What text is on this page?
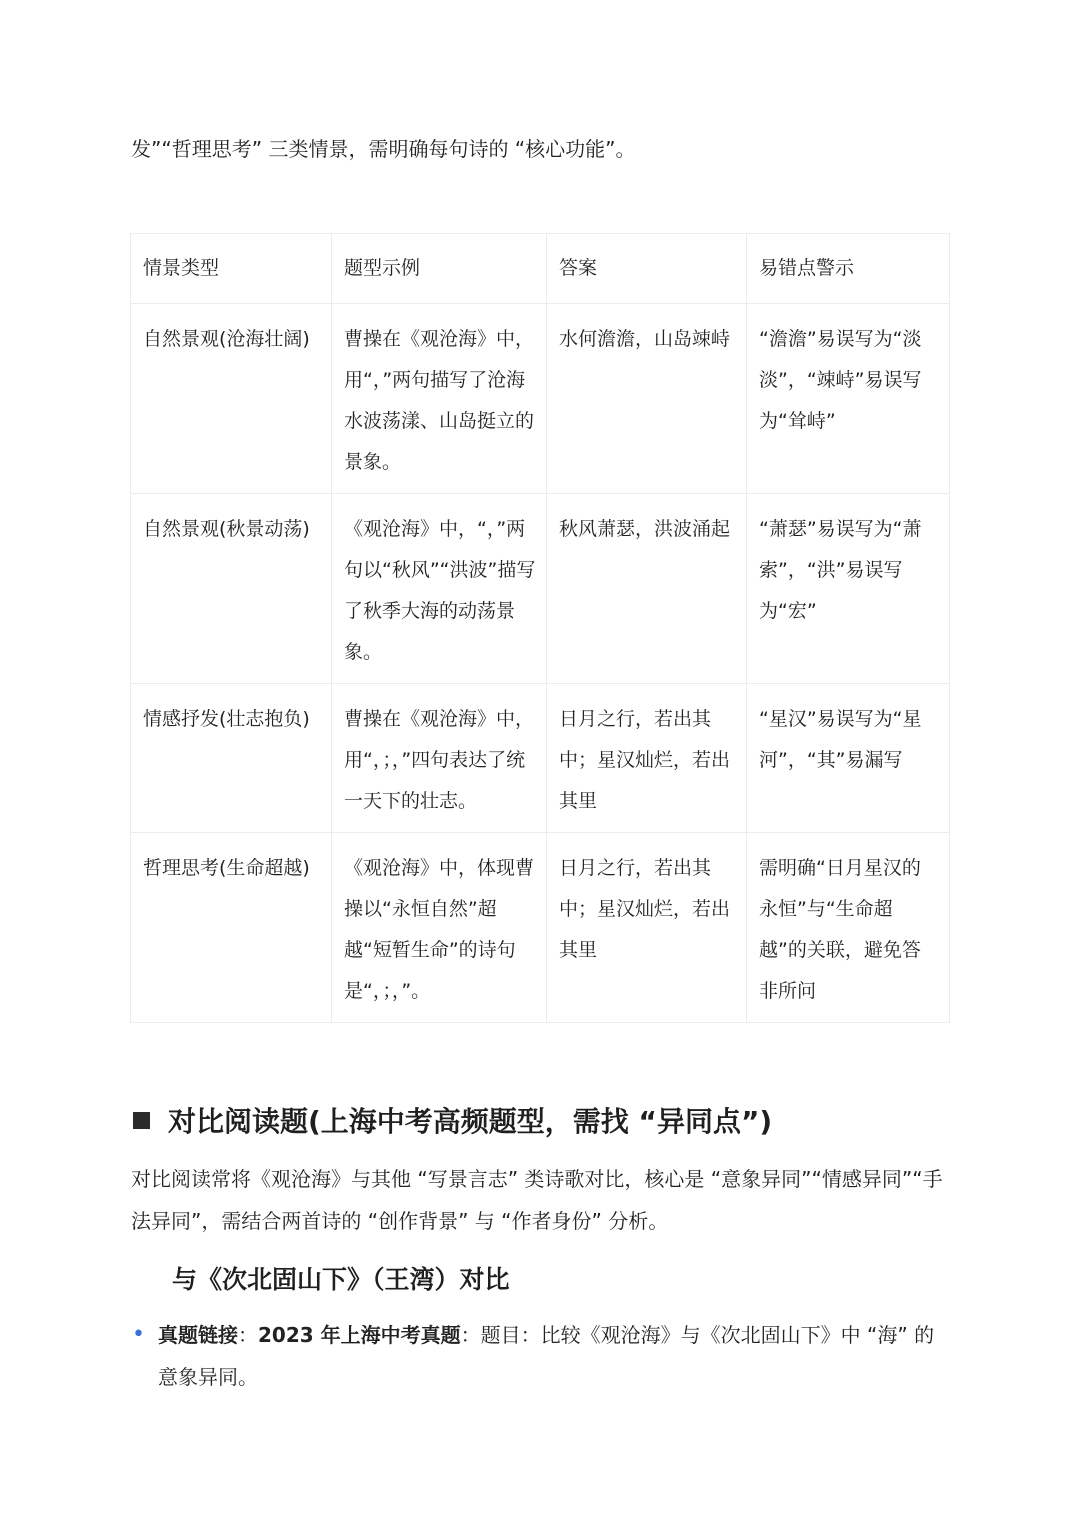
发”“哲理思考” 三类情景，需明确每句诗的 “核心功能”。
情景类型	题型示例	答案	易错点警示
自然景观(沧海壮阔)	曹操在《观沧海》中，用“，”两句描写了沧海水波荡漾、山岛挺立的景象。	水何澹澹，山岛竦峙	“澹澹”易误写为“淡淡”，“竦峙”易误写为“耸峙”
自然景观(秋景动荡)	《观沧海》中，“，”两句以“秋风”“洪波”描写了秋季大海的动荡景象。	秋风萧瑟，洪波涌起	“萧瑟”易误写为“萧索”，“洪”易误写为“宏”
情感抒发(壮志抱负)	曹操在《观沧海》中，用“，；，”四句表达了统一天下的壮志。	日月之行，若出其中；星汉灿烂，若出其里	“星汉”易误写为“星河”，“其”易漏写
哲理思考(生命超越)	《观沧海》中，体现曹操以“永恒自然”超越“短暂生命”的诗句是“，；，”。	日月之行，若出其中；星汉灿烂，若出其里	需明确“日月星汉的永恒”与“生命超越”的关联，避免答非所问
对比阅读题(上海中考高频题型，需找 “异同点”)
对比阅读常将《观沧海》与其他 “写景言志” 类诗歌对比，核心是 “意象异同”“情感异同”“手法异同”，需结合两首诗的 “创作背景” 与 “作者身份” 分析。
与《次北固山下》（王湾）对比
• 真题链接：2023 年上海中考真题：题目：比较《观沧海》与《次北固山下》中 “海” 的意象异同。
